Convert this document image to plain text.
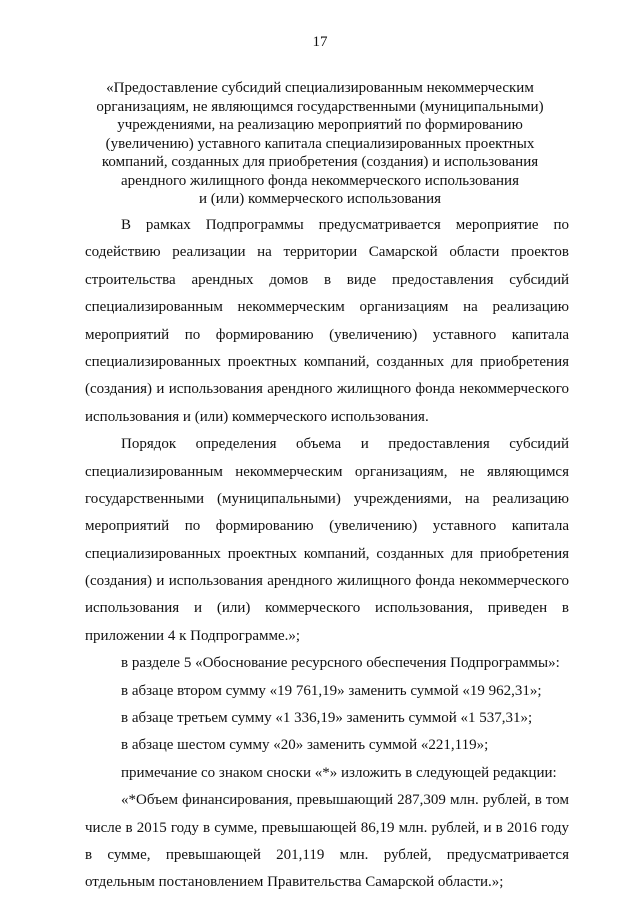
17
«Предоставление субсидий специализированным некоммерческим
организациям, не являющимся государственными (муниципальными)
учреждениями, на реализацию мероприятий по формированию
(увеличению) уставного капитала специализированных проектных
компаний, созданных для приобретения (создания) и использования
арендного жилищного фонда некоммерческого использования
и (или) коммерческого использования
В рамках Подпрограммы предусматривается мероприятие по
содействию реализации на территории Самарской области проектов
строительства арендных домов в виде предоставления субсидий
специализированным некоммерческим организациям на реализацию
мероприятий по формированию (увеличению) уставного капитала
специализированных проектных компаний, созданных для приобретения
(создания) и использования арендного жилищного фонда некоммерческого
использования и (или) коммерческого использования.
Порядок определения объема и предоставления субсидий
специализированным некоммерческим организациям, не являющимся
государственными (муниципальными) учреждениями, на реализацию
мероприятий по формированию (увеличению) уставного капитала
специализированных проектных компаний, созданных для приобретения
(создания) и использования арендного жилищного фонда некоммерческого
использования и (или) коммерческого использования, приведен в
приложении 4 к Подпрограмме.»;
в разделе 5 «Обоснование ресурсного обеспечения Подпрограммы»:
в абзаце втором сумму «19 761,19» заменить суммой «19 962,31»;
в абзаце третьем сумму «1 336,19» заменить суммой «1 537,31»;
в абзаце шестом сумму «20» заменить суммой «221,119»;
примечание со знаком сноски «*» изложить в следующей редакции:
«*Объем финансирования, превышающий 287,309 млн. рублей, в том
числе в 2015 году в сумме, превышающей 86,19 млн. рублей, и в 2016 году
в сумме, превышающей 201,119 млн. рублей, предусматривается
отдельным постановлением Правительства Самарской области.»;
